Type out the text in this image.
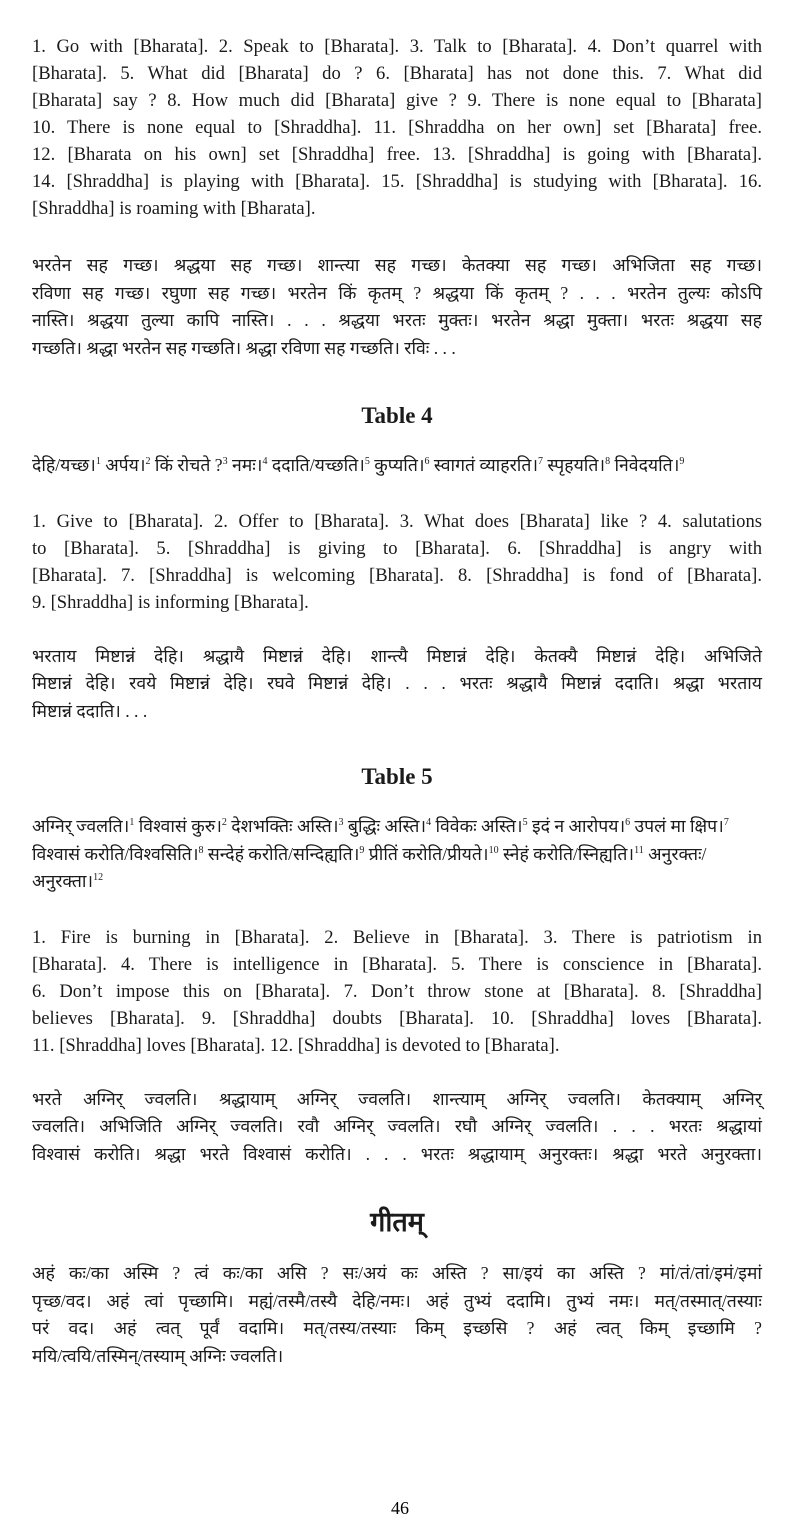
1. Go with [Bharata]. 2. Speak to [Bharata]. 3. Talk to [Bharata]. 4. Don’t quarrel with
[Bharata]. 5. What did [Bharata] do ? 6. [Bharata] has not done this. 7. What did
[Bharata] say ? 8. How much did [Bharata] give ? 9. There is none equal to [Bharata]
10. There is none equal to [Shraddha]. 11. [Shraddha on her own] set [Bharata] free.
12. [Bharata on his own] set [Shraddha] free. 13. [Shraddha] is going with [Bharata].
14. [Shraddha] is playing with [Bharata]. 15. [Shraddha] is studying with [Bharata]. 16.
[Shraddha] is roaming with [Bharata].
भरतेन सह गच्छ। श्रद्धया सह गच्छ। शान्त्या सह गच्छ। केतक्या सह गच्छ। अभिजिता सह गच्छ।
रविणा सह गच्छ। रघुणा सह गच्छ। भरतेन किं कृतम् ? श्रद्धया किं कृतम् ? . . . भरतेन तुल्यः कोऽपि
नास्ति। श्रद्धया तुल्या कापि नास्ति। . . . श्रद्धया भरतः मुक्तः। भरतेन श्रद्धा मुक्ता। भरतः श्रद्धया सह
गच्छति। श्रद्धा भरतेन सह गच्छति। श्रद्धा रविणा सह गच्छति। रविः . . .
Table 4
देहि/यच्छ।$^1$ अर्पय।$^2$ किं रोचते ?$^3$ नमः।$^4$ ददाति/यच्छति।$^5$ कुप्यति।$^6$ स्वागतं व्याहरति।$^7$ स्पृहयति।$^8$ निवेदयति।$^9$
1. Give to [Bharata]. 2. Offer to [Bharata]. 3. What does [Bharata] like ? 4. salutations
to [Bharata]. 5. [Shraddha] is giving to [Bharata]. 6. [Shraddha] is angry with
[Bharata]. 7. [Shraddha] is welcoming [Bharata]. 8. [Shraddha] is fond of [Bharata].
9. [Shraddha] is informing [Bharata].
भरताय मिष्टान्नं देहि। श्रद्धायै मिष्टान्नं देहि। शान्त्यै मिष्टान्नं देहि। केतक्यै मिष्टान्नं देहि। अभिजिते
मिष्टान्नं देहि। रवये मिष्टान्नं देहि। रघवे मिष्टान्नं देहि। . . . भरतः श्रद्धायै मिष्टान्नं ददाति। श्रद्धा भरताय
मिष्टान्नं ददाति। . . .
Table 5
अग्निर् ज्वलति।$^1$ विश्वासं कुरु।$^2$ देशभक्तिः अस्ति।$^3$ बुद्धिः अस्ति।$^4$ विवेकः अस्ति।$^5$ इदं न आरोपय।$^6$ उपलं मा क्षिप।$^7$ विश्वासं करोति/विश्वसिति।$^8$ सन्देहं करोति/सन्दिह्यति।$^9$ प्रीतिं करोति/प्रीयते।$^{10}$ स्नेहं करोति/स्निह्यति।$^{11}$ अनुरक्तः/अनुरक्ता।$^{12}$
1. Fire is burning in [Bharata]. 2. Believe in [Bharata]. 3. There is patriotism in
[Bharata]. 4. There is intelligence in [Bharata]. 5. There is conscience in [Bharata].
6. Don’t impose this on [Bharata]. 7. Don’t throw stone at [Bharata]. 8. [Shraddha]
believes [Bharata]. 9. [Shraddha] doubts [Bharata]. 10. [Shraddha] loves [Bharata].
11. [Shraddha] loves [Bharata]. 12. [Shraddha] is devoted to [Bharata].
भरते अग्निर् ज्वलति। श्रद्धायाम् अग्निर् ज्वलति। शान्त्याम् अग्निर् ज्वलति। केतक्याम् अग्निर्
ज्वलति। अभिजिति अग्निर् ज्वलति। रवौ अग्निर् ज्वलति। रघौ अग्निर् ज्वलति। . . . भरतः श्रद्धायां
विश्वासं करोति। श्रद्धा भरते विश्वासं करोति। . . . भरतः श्रद्धायाम् अनुरक्तः। श्रद्धा भरते अनुरक्ता।
गीतम्
अहं कः/का अस्मि ? त्वं कः/का असि ? सः/अयं कः अस्ति ? सा/इयं का अस्ति ? मां/तं/तां/इमं/इमां
पृच्छ/वद। अहं त्वां पृच्छामि। मह्यं/तस्मै/तस्यै देहि/नमः। अहं तुभ्यं ददामि। तुभ्यं नमः। मत्/तस्मात्/तस्याः
परं वद। अहं त्वत् पूर्वं वदामि। मत्/तस्य/तस्याः किम् इच्छसि ? अहं त्वत् किम् इच्छामि ?
मयि/त्वयि/तस्मिन्/तस्याम् अग्निः ज्वलति।
46
